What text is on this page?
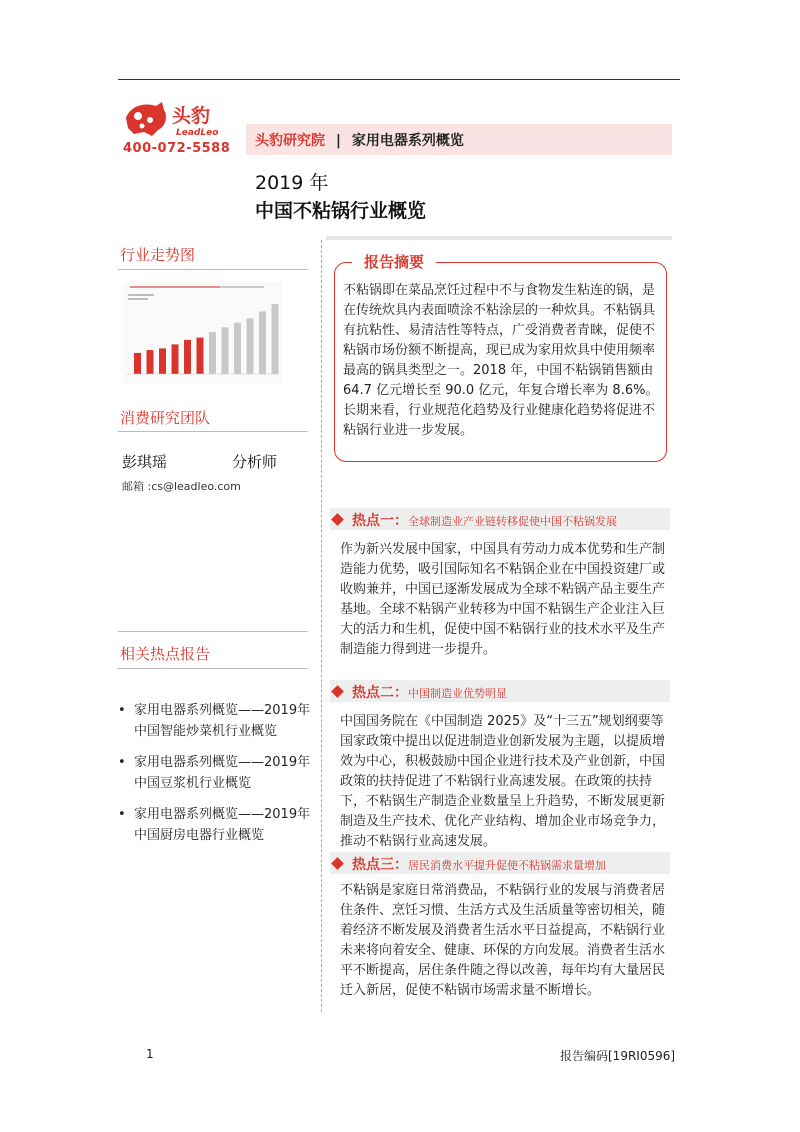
头豹
LeadLeo
400-072-5588 头豹研究院 | 家用电器系列概览
2019 年
中国不粘锅行业概览
行业走势图
消费研究团队
彭琪瑶	分析师
邮箱 :cs@leadleo.com
相关热点报告
• 家用电器系列概览——2019年中国智能炒菜机行业概览
• 家用电器系列概览——2019年中国豆浆机行业概览
• 家用电器系列概览——2019年中国厨房电器行业概览
报告摘要

不粘锅即在菜品烹饪过程中不与食物发生粘连的锅，是在传统炊具内表面喷涂不粘涂层的一种炊具。不粘锅具有抗粘性、易清洁性等特点，广受消费者青睐，促使不粘锅市场份额不断提高，现已成为家用炊具中使用频率最高的锅具类型之一。2018 年，中国不粘锅销售额由 64.7 亿元增长至 90.0 亿元，年复合增长率为 8.6%。长期来看，行业规范化趋势及行业健康化趋势将促进不粘锅行业进一步发展。

热点一：全球制造业产业链转移促使中国不粘锅发展

作为新兴发展中国家，中国具有劳动力成本优势和生产制造能力优势，吸引国际知名不粘锅企业在中国投资建厂或收购兼并，中国已逐渐发展成为全球不粘锅产品主要生产基地。全球不粘锅产业转移为中国不粘锅生产企业注入巨大的活力和生机，促使中国不粘锅行业的技术水平及生产制造能力得到进一步提升。

热点二：中国制造业优势明显

中国国务院在《中国制造 2025》及“十三五”规划纲要等国家政策中提出以促进制造业创新发展为主题，以提质增效为中心，积极鼓励中国企业进行技术及产业创新，中国政策的扶持促进了不粘锅行业高速发展。在政策的扶持下，不粘锅生产制造企业数量呈上升趋势，不断发展更新制造及生产技术、优化产业结构、增加企业市场竞争力，推动不粘锅行业高速发展。

热点三：居民消费水平提升促使不粘锅需求量增加

不粘锅是家庭日常消费品，不粘锅行业的发展与消费者居住条件、烹饪习惯、生活方式及生活质量等密切相关，随着经济不断发展及消费者生活水平日益提高，不粘锅行业未来将向着安全、健康、环保的方向发展。消费者生活水平不断提高，居住条件随之得以改善，每年均有大量居民迁入新居，促使不粘锅市场需求量不断增长。

1	报告编码[19RI0596]
